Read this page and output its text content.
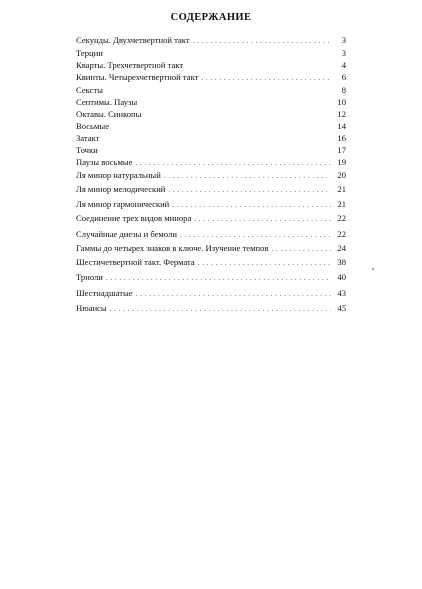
СОДЕРЖАНИЕ
Секунды. Двухчетвертной такт . . .	3
Терции	3
Кварты. Трехчетвертной такт	4
Квинты. Четырехчетвертной такт . . .	6
Сексты	8
Септимы. Паузы	10
Октавы. Синкопы	12
Восьмые	14
Затакт	16
Точки	17
Паузы восьмые . . .	19
Ля минор натуральный . . .	20
Ля минор мелодический . . .	21
Ля минор гармонический . . .	21
Соединение трех видов минора . . .	22
Случайные диезы и бемоли . . .	22
Гаммы до четырех знаков в ключе. Изучение темпов . . .	24
Шестичетвертной такт. Фермата . . .	38
Трноли . . .	40
Шестнадшатые . . .	43
Нюансы . . .	45
